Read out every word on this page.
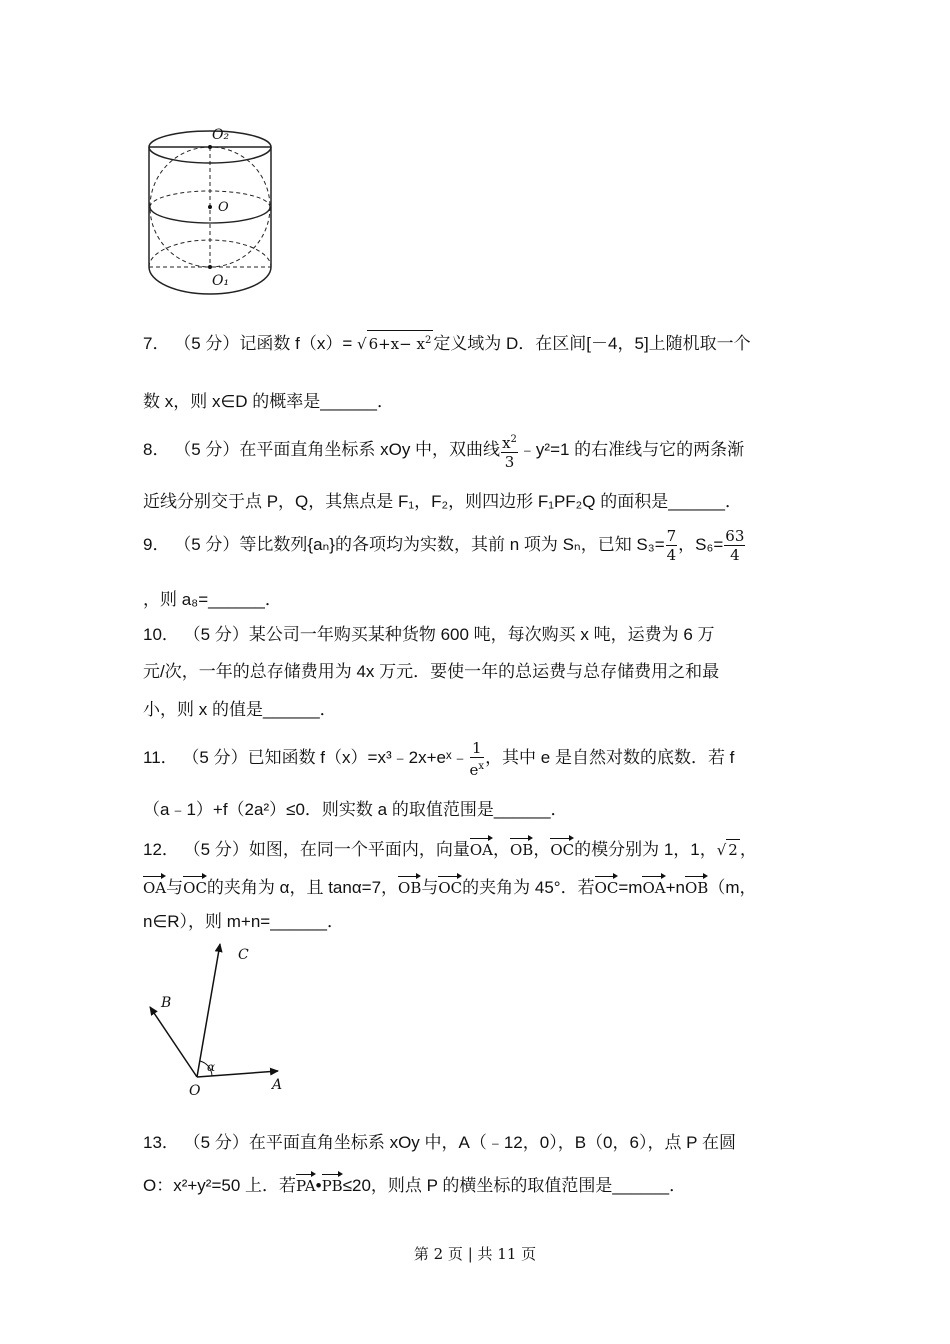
O₂
O
O₁
7． （5 分）记函数 f（x）= √ $6+x- x^2$ 定义域为 D．在区间[－4，5]上随机取一个
数 x，则 x∈D 的概率是______．
8． （5 分）在平面直角坐标系 xOy 中，双曲线 $\frac{x^2}{3}$ ﹣y²=1 的右准线与它的两条渐
近线分别交于点 P，Q，其焦点是 F₁，F₂，则四边形 F₁PF₂Q 的面积是______．
9． （5 分）等比数列{aₙ}的各项均为实数，其前 n 项为 Sₙ，已知 $S_3= \frac{7}{4}$ ，$S_6= \frac{63}{4}$
，则 a₈=______．
10． （5 分）某公司一年购买某种货物 600 吨，每次购买 x 吨，运费为 6 万
元/次，一年的总存储费用为 4x 万元．要使一年的总运费与总存储费用之和最
小，则 x 的值是______．
11． （5 分）已知函数 f（x）=x³﹣2x+eˣ﹣ $\frac{1}{e^x}$ ，其中 e 是自然对数的底数．若 f
（a﹣1）+f（2a²）≤0．则实数 a 的取值范围是______．
12． （5 分）如图，在同一个平面内，向量OA，OB，OC的模分别为 1，1，√ 2 ，
OA与OC的夹角为 α，且 tanα=7，OB与OC的夹角为 45°．若OC=mOA+nOB（m，
n∈R），则 m+n=______．
C
B
α
O	A
13． （5 分）在平面直角坐标系 xOy 中，A（﹣12，0），B（0，6），点 P 在圆
O：x²+y²=50 上．若PA•PB≤20，则点 P 的横坐标的取值范围是______．
第 2 页 | 共 11 页
